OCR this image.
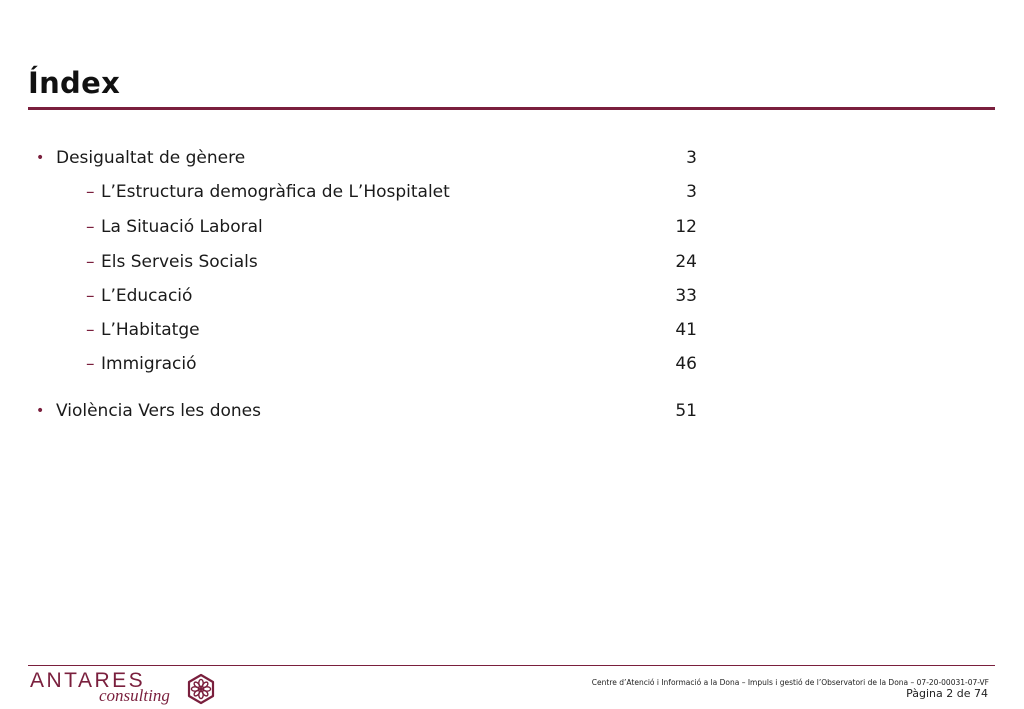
Índex
• Desigualtat de gènere	3
– L’Estructura demogràfica de L’Hospitalet	3
– La Situació Laboral	12
– Els Serveis Socials	24
– L’Educació	33
– L’Habitatge	41
– Immigració	46
• Violència Vers les dones	51
ANTARES
consulting
Centre d’Atenció i Informació a la Dona – Impuls i gestió de l’Observatori de la Dona – 07-20-00031-07-VF
Pàgina 2 de 74
